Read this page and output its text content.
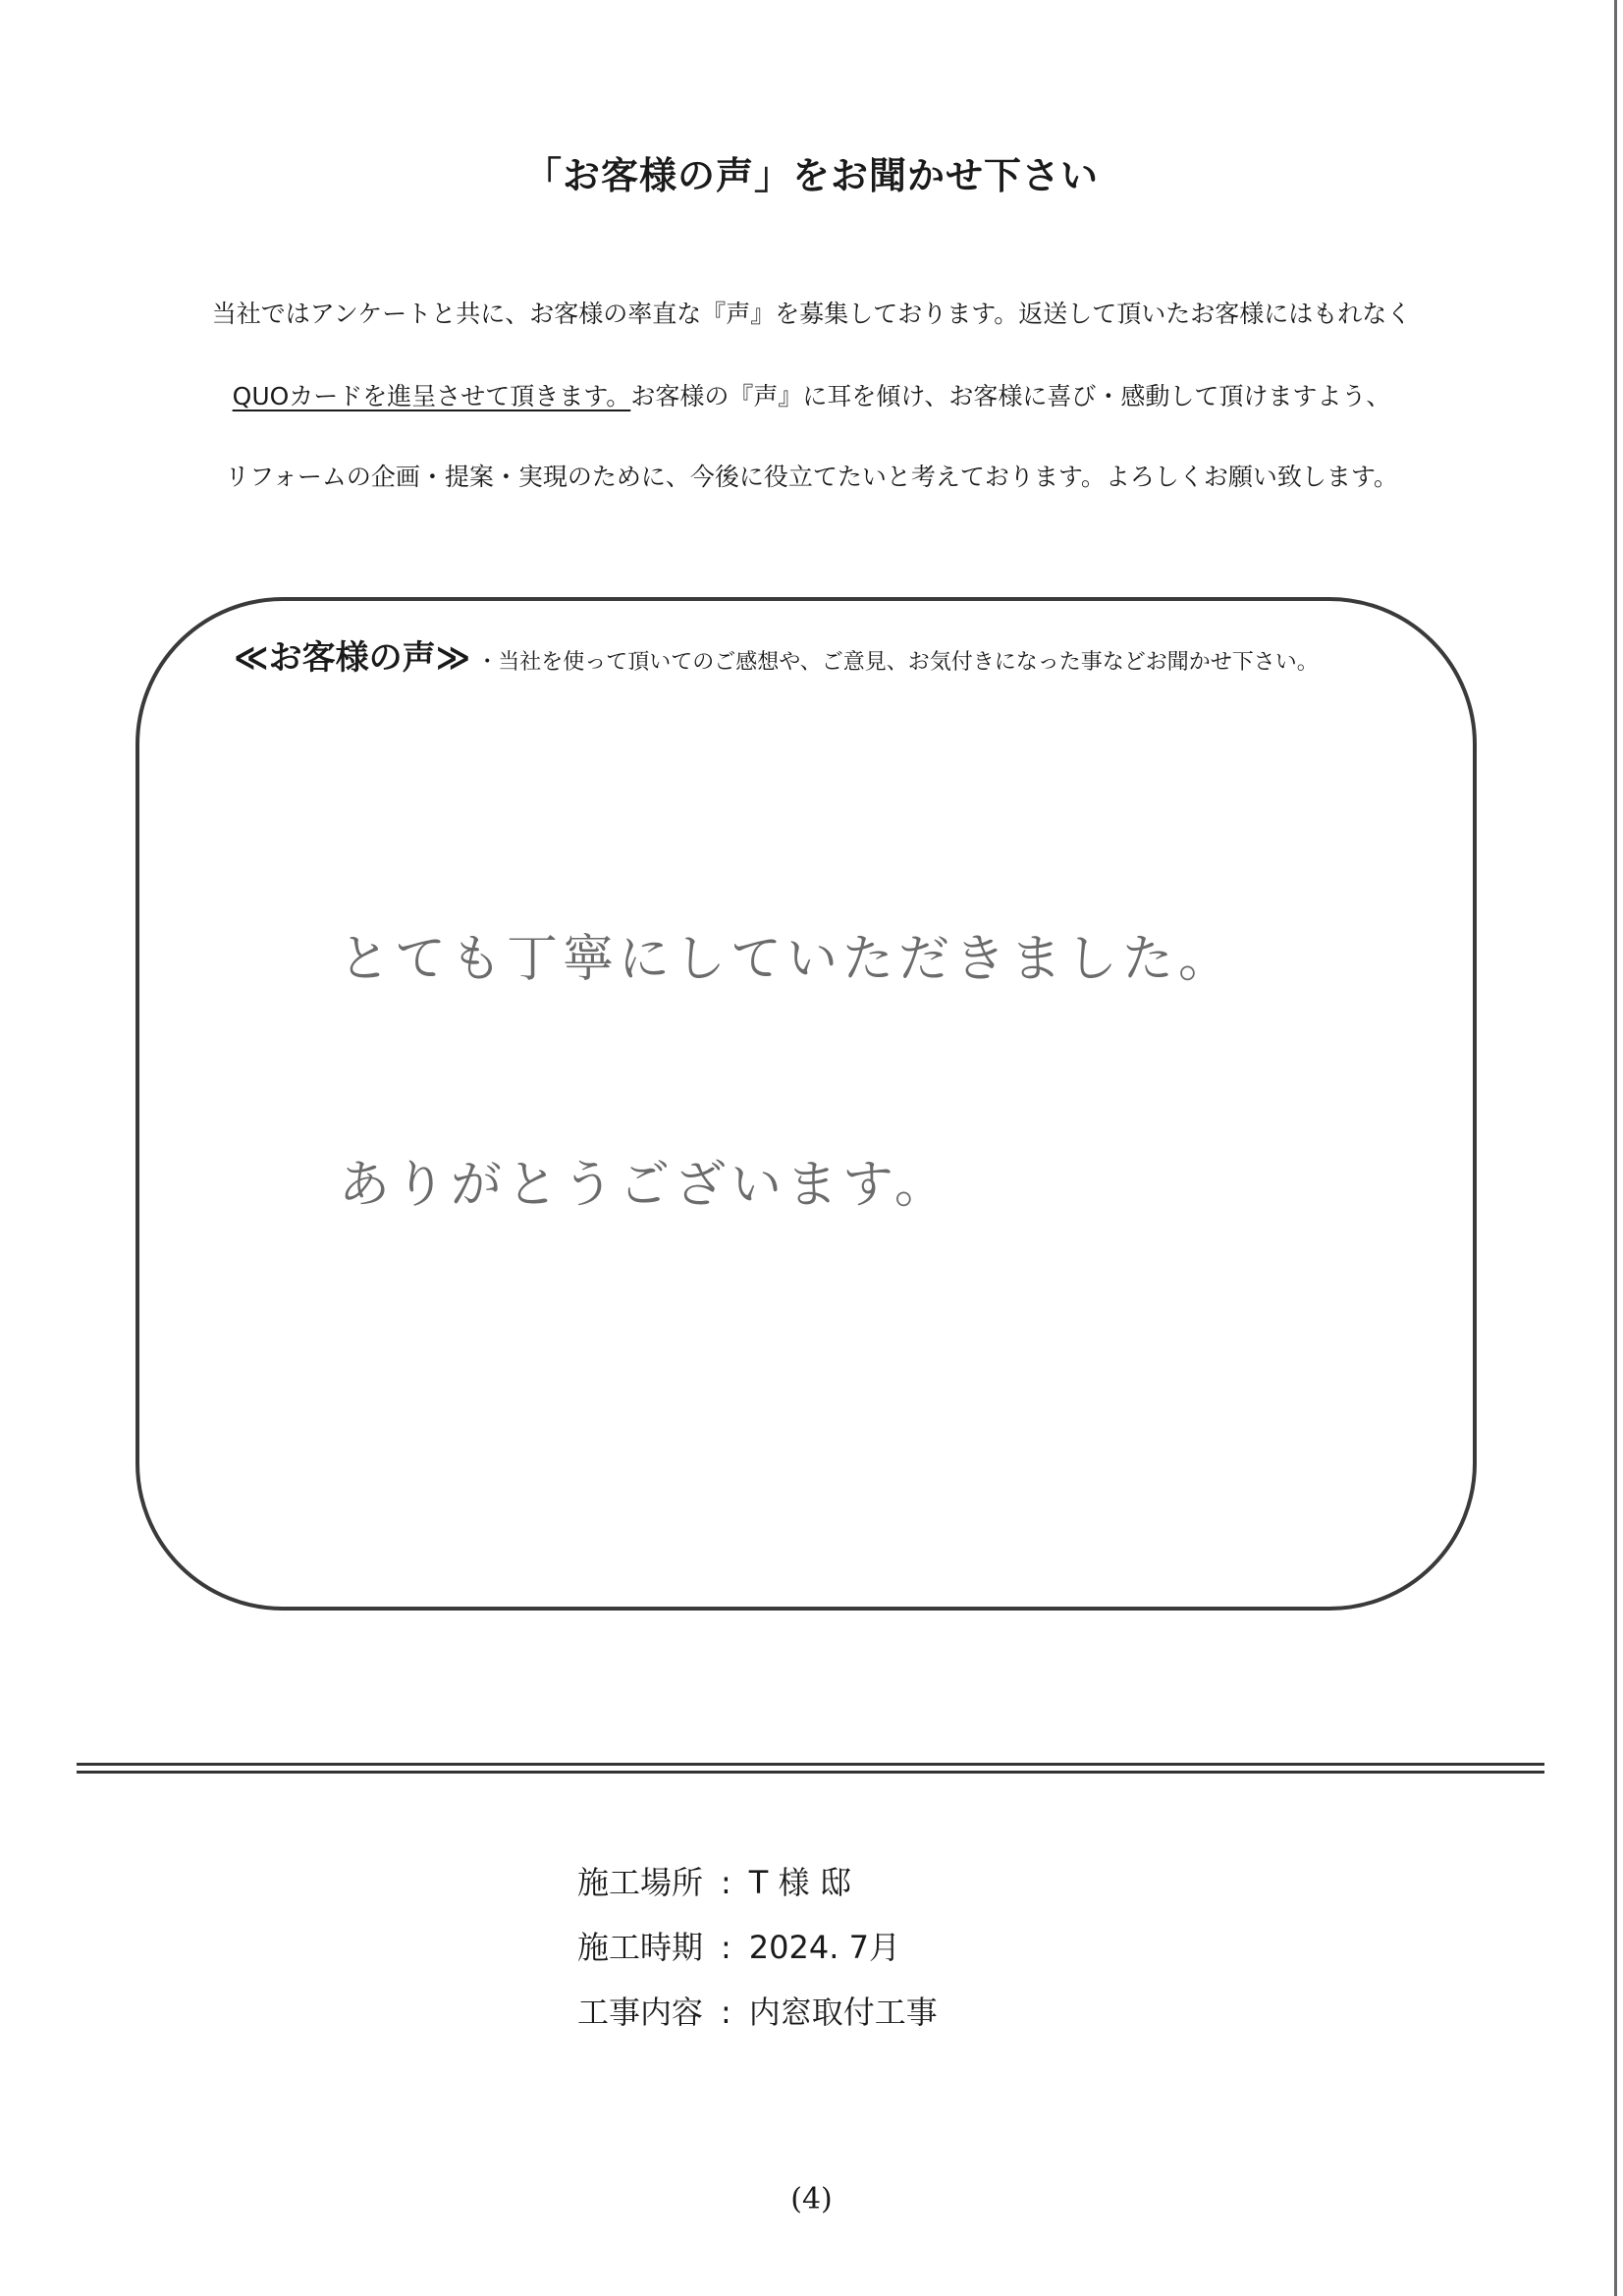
「お客様の声」をお聞かせ下さい
当社ではアンケートと共に、お客様の率直な『声』を募集しております。返送して頂いたお客様にはもれなく
QUOカードを進呈させて頂きます。お客様の『声』に耳を傾け、お客様に喜び・感動して頂けますよう、
リフォームの企画・提案・実現のために、今後に役立てたいと考えております。よろしくお願い致します。
≪お客様の声≫ ・当社を使って頂いてのご感想や、ご意見、お気付きになった事などお聞かせ下さい。
とても丁寧にしていただきました。
ありがとうございます。
施工場所 : T 様 邸
施工時期 : 2024. 7月
工事内容 : 内窓取付工事
(4)
